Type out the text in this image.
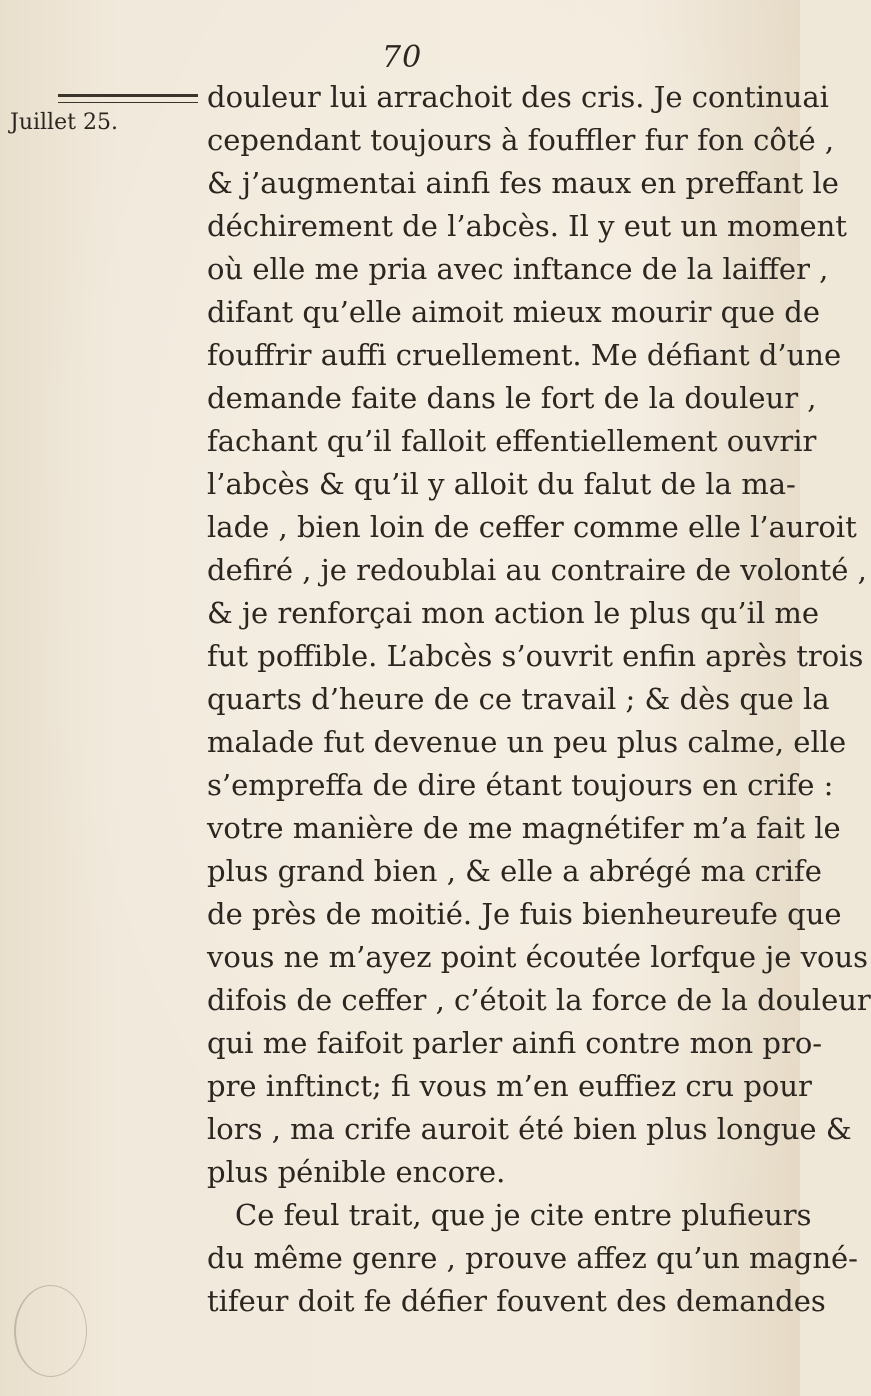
70
Juillet 25.
douleur lui arrachoit des cris. Je continuai
cependant toujours à fouffler fur fon côté ,
& j’augmentai ainfi fes maux en preffant le
déchirement de l’abcès. Il y eut un moment
où elle me pria avec inftance de la laiffer ,
difant qu’elle aimoit mieux mourir que de
fouffrir auffi cruellement. Me défiant d’une
demande faite dans le fort de la douleur ,
fachant qu’il falloit effentiellement ouvrir
l’abcès & qu’il y alloit du falut de la ma-
lade , bien loin de ceffer comme elle l’auroit
defiré , je redoublai au contraire de volonté ,
& je renforçai mon action le plus qu’il me
fut poffible. L’abcès s’ouvrit enfin après trois
quarts d’heure de ce travail ; & dès que la
malade fut devenue un peu plus calme, elle
s’empreffa de dire étant toujours en crife :
votre manière de me magnétifer m’a fait le
plus grand bien , & elle a abrégé ma crife
de près de moitié. Je fuis bienheureufe que
vous ne m’ayez point écoutée lorfque je vous
difois de ceffer , c’étoit la force de la douleur
qui me faifoit parler ainfi contre mon pro-
pre inftinct; fi vous m’en euffiez cru pour
lors , ma crife auroit été bien plus longue &
plus pénible encore.
Ce feul trait, que je cite entre plufieurs
du même genre , prouve affez qu’un magné-
tifeur doit fe défier fouvent des demandes
